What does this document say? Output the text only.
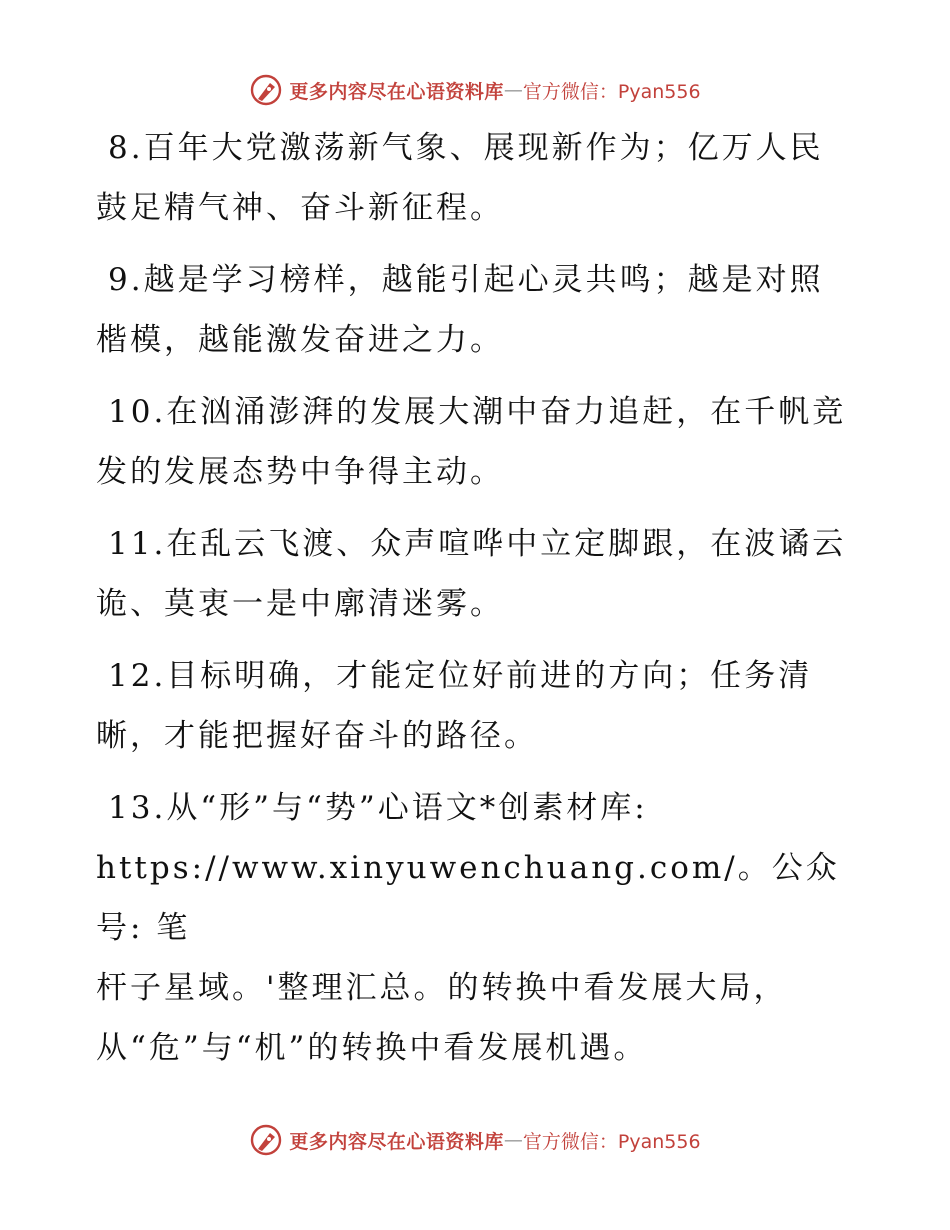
更多内容尽在心语资料库 — 官方微信：Pyan556
8.百年大党激荡新气象、展现新作为；亿万人民
鼓足精气神、奋斗新征程。
9.越是学习榜样，越能引起心灵共鸣；越是对照
楷模，越能激发奋进之力。
10.在汹涌澎湃的发展大潮中奋力追赶，在千帆竞
发的发展态势中争得主动。
11.在乱云飞渡、众声喧哗中立定脚跟，在波谲云
诡、莫衷一是中廓清迷雾。
12.目标明确，才能定位好前进的方向；任务清
晰，才能把握好奋斗的路径。
13.从“形”与“势”心语文*创素材库:
https://www.xinyuwenchuang.com/。公众号: 笔
杆子星域。'整理汇总。的转换中看发展大局，
从“危”与“机”的转换中看发展机遇。
更多内容尽在心语资料库 — 官方微信：Pyan556
